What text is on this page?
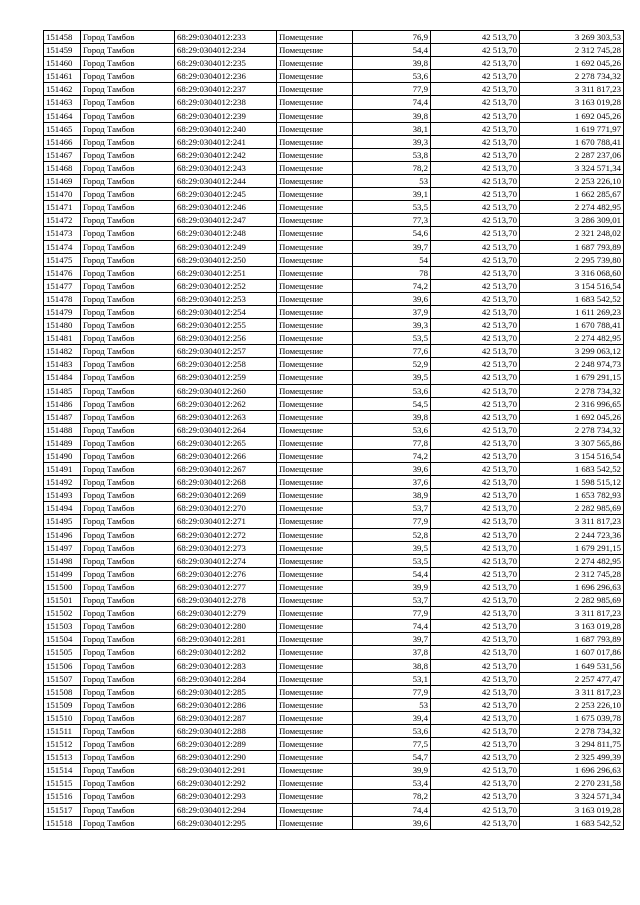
151458	Город Тамбов	68:29:0304012:233	Помещение	76,9	42 513,70	3 269 303,53
151459	Город Тамбов	68:29:0304012:234	Помещение	54,4	42 513,70	2 312 745,28
151460	Город Тамбов	68:29:0304012:235	Помещение	39,8	42 513,70	1 692 045,26
151461	Город Тамбов	68:29:0304012:236	Помещение	53,6	42 513,70	2 278 734,32
151462	Город Тамбов	68:29:0304012:237	Помещение	77,9	42 513,70	3 311 817,23
151463	Город Тамбов	68:29:0304012:238	Помещение	74,4	42 513,70	3 163 019,28
151464	Город Тамбов	68:29:0304012:239	Помещение	39,8	42 513,70	1 692 045,26
151465	Город Тамбов	68:29:0304012:240	Помещение	38,1	42 513,70	1 619 771,97
151466	Город Тамбов	68:29:0304012:241	Помещение	39,3	42 513,70	1 670 788,41
151467	Город Тамбов	68:29:0304012:242	Помещение	53,8	42 513,70	2 287 237,06
151468	Город Тамбов	68:29:0304012:243	Помещение	78,2	42 513,70	3 324 571,34
151469	Город Тамбов	68:29:0304012:244	Помещение	53	42 513,70	2 253 226,10
151470	Город Тамбов	68:29:0304012:245	Помещение	39,1	42 513,70	1 662 285,67
151471	Город Тамбов	68:29:0304012:246	Помещение	53,5	42 513,70	2 274 482,95
151472	Город Тамбов	68:29:0304012:247	Помещение	77,3	42 513,70	3 286 309,01
151473	Город Тамбов	68:29:0304012:248	Помещение	54,6	42 513,70	2 321 248,02
151474	Город Тамбов	68:29:0304012:249	Помещение	39,7	42 513,70	1 687 793,89
151475	Город Тамбов	68:29:0304012:250	Помещение	54	42 513,70	2 295 739,80
151476	Город Тамбов	68:29:0304012:251	Помещение	78	42 513,70	3 316 068,60
151477	Город Тамбов	68:29:0304012:252	Помещение	74,2	42 513,70	3 154 516,54
151478	Город Тамбов	68:29:0304012:253	Помещение	39,6	42 513,70	1 683 542,52
151479	Город Тамбов	68:29:0304012:254	Помещение	37,9	42 513,70	1 611 269,23
151480	Город Тамбов	68:29:0304012:255	Помещение	39,3	42 513,70	1 670 788,41
151481	Город Тамбов	68:29:0304012:256	Помещение	53,5	42 513,70	2 274 482,95
151482	Город Тамбов	68:29:0304012:257	Помещение	77,6	42 513,70	3 299 063,12
151483	Город Тамбов	68:29:0304012:258	Помещение	52,9	42 513,70	2 248 974,73
151484	Город Тамбов	68:29:0304012:259	Помещение	39,5	42 513,70	1 679 291,15
151485	Город Тамбов	68:29:0304012:260	Помещение	53,6	42 513,70	2 278 734,32
151486	Город Тамбов	68:29:0304012:262	Помещение	54,5	42 513,70	2 316 996,65
151487	Город Тамбов	68:29:0304012:263	Помещение	39,8	42 513,70	1 692 045,26
151488	Город Тамбов	68:29:0304012:264	Помещение	53,6	42 513,70	2 278 734,32
151489	Город Тамбов	68:29:0304012:265	Помещение	77,8	42 513,70	3 307 565,86
151490	Город Тамбов	68:29:0304012:266	Помещение	74,2	42 513,70	3 154 516,54
151491	Город Тамбов	68:29:0304012:267	Помещение	39,6	42 513,70	1 683 542,52
151492	Город Тамбов	68:29:0304012:268	Помещение	37,6	42 513,70	1 598 515,12
151493	Город Тамбов	68:29:0304012:269	Помещение	38,9	42 513,70	1 653 782,93
151494	Город Тамбов	68:29:0304012:270	Помещение	53,7	42 513,70	2 282 985,69
151495	Город Тамбов	68:29:0304012:271	Помещение	77,9	42 513,70	3 311 817,23
151496	Город Тамбов	68:29:0304012:272	Помещение	52,8	42 513,70	2 244 723,36
151497	Город Тамбов	68:29:0304012:273	Помещение	39,5	42 513,70	1 679 291,15
151498	Город Тамбов	68:29:0304012:274	Помещение	53,5	42 513,70	2 274 482,95
151499	Город Тамбов	68:29:0304012:276	Помещение	54,4	42 513,70	2 312 745,28
151500	Город Тамбов	68:29:0304012:277	Помещение	39,9	42 513,70	1 696 296,63
151501	Город Тамбов	68:29:0304012:278	Помещение	53,7	42 513,70	2 282 985,69
151502	Город Тамбов	68:29:0304012:279	Помещение	77,9	42 513,70	3 311 817,23
151503	Город Тамбов	68:29:0304012:280	Помещение	74,4	42 513,70	3 163 019,28
151504	Город Тамбов	68:29:0304012:281	Помещение	39,7	42 513,70	1 687 793,89
151505	Город Тамбов	68:29:0304012:282	Помещение	37,8	42 513,70	1 607 017,86
151506	Город Тамбов	68:29:0304012:283	Помещение	38,8	42 513,70	1 649 531,56
151507	Город Тамбов	68:29:0304012:284	Помещение	53,1	42 513,70	2 257 477,47
151508	Город Тамбов	68:29:0304012:285	Помещение	77,9	42 513,70	3 311 817,23
151509	Город Тамбов	68:29:0304012:286	Помещение	53	42 513,70	2 253 226,10
151510	Город Тамбов	68:29:0304012:287	Помещение	39,4	42 513,70	1 675 039,78
151511	Город Тамбов	68:29:0304012:288	Помещение	53,6	42 513,70	2 278 734,32
151512	Город Тамбов	68:29:0304012:289	Помещение	77,5	42 513,70	3 294 811,75
151513	Город Тамбов	68:29:0304012:290	Помещение	54,7	42 513,70	2 325 499,39
151514	Город Тамбов	68:29:0304012:291	Помещение	39,9	42 513,70	1 696 296,63
151515	Город Тамбов	68:29:0304012:292	Помещение	53,4	42 513,70	2 270 231,58
151516	Город Тамбов	68:29:0304012:293	Помещение	78,2	42 513,70	3 324 571,34
151517	Город Тамбов	68:29:0304012:294	Помещение	74,4	42 513,70	3 163 019,28
151518	Город Тамбов	68:29:0304012:295	Помещение	39,6	42 513,70	1 683 542,52
